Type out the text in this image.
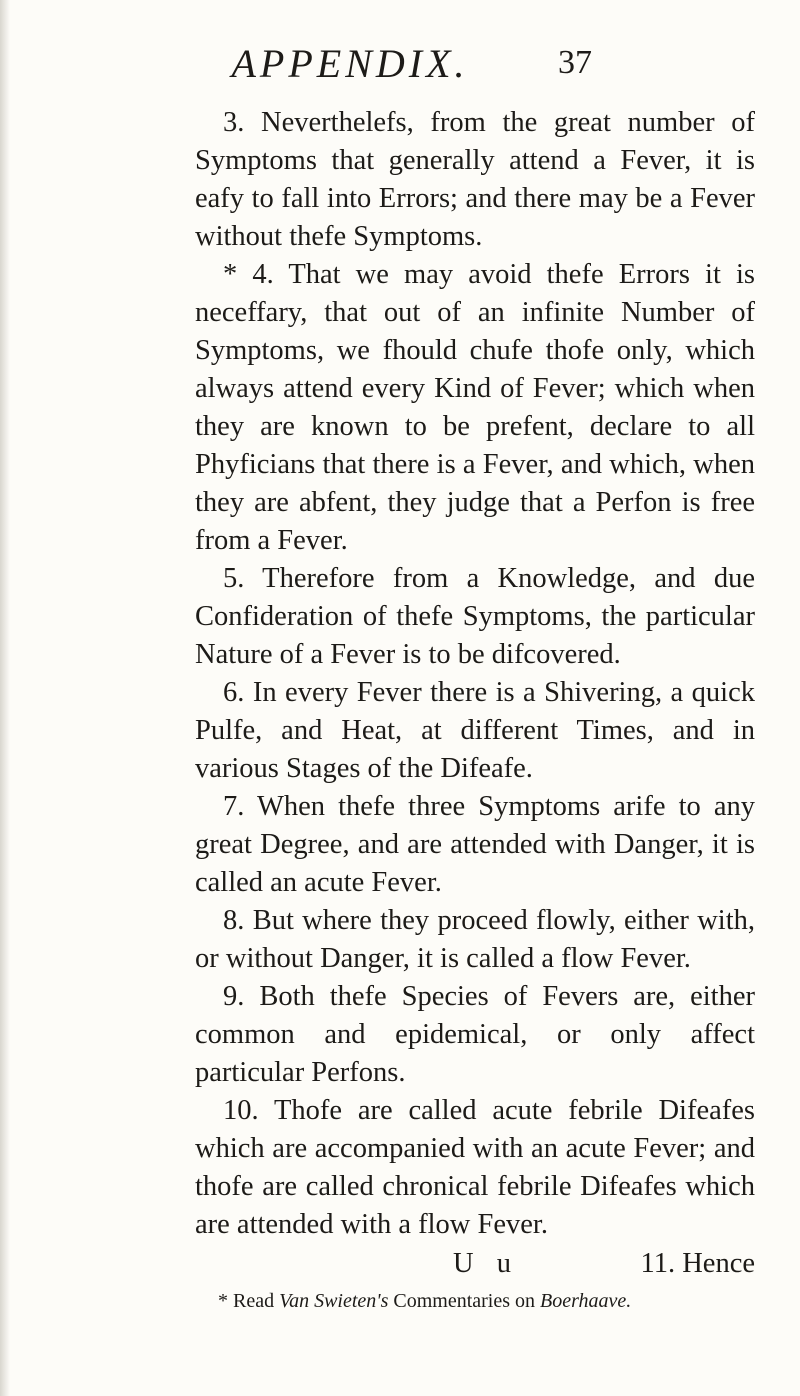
APPENDIX.	37

3. Neverthelefs, from the great number of Symptoms that generally attend a Fever, it is eafy to fall into Errors; and there may be a Fever without thefe Symptoms.

* 4. That we may avoid thefe Errors it is neceffary, that out of an infinite Number of Symptoms, we fhould chufe thofe only, which always attend every Kind of Fever; which when they are known to be prefent, declare to all Phyficians that there is a Fever, and which, when they are abfent, they judge that a Perfon is free from a Fever.

5. Therefore from a Knowledge, and due Confideration of thefe Symptoms, the particular Nature of a Fever is to be difcovered.

6. In every Fever there is a Shivering, a quick Pulfe, and Heat, at different Times, and in various Stages of the Difeafe.

7. When thefe three Symptoms arife to any great Degree, and are attended with Danger, it is called an acute Fever.

8. But where they proceed flowly, either with, or without Danger, it is called a flow Fever.

9. Both thefe Species of Fevers are, either common and epidemical, or only affect particular Perfons.

10. Thofe are called acute febrile Difeafes which are accompanied with an acute Fever; and thofe are called chronical febrile Difeafes which are attended with a flow Fever.

U u	11. Hence
* Read Van Swieten's Commentaries on Boerhaave.
